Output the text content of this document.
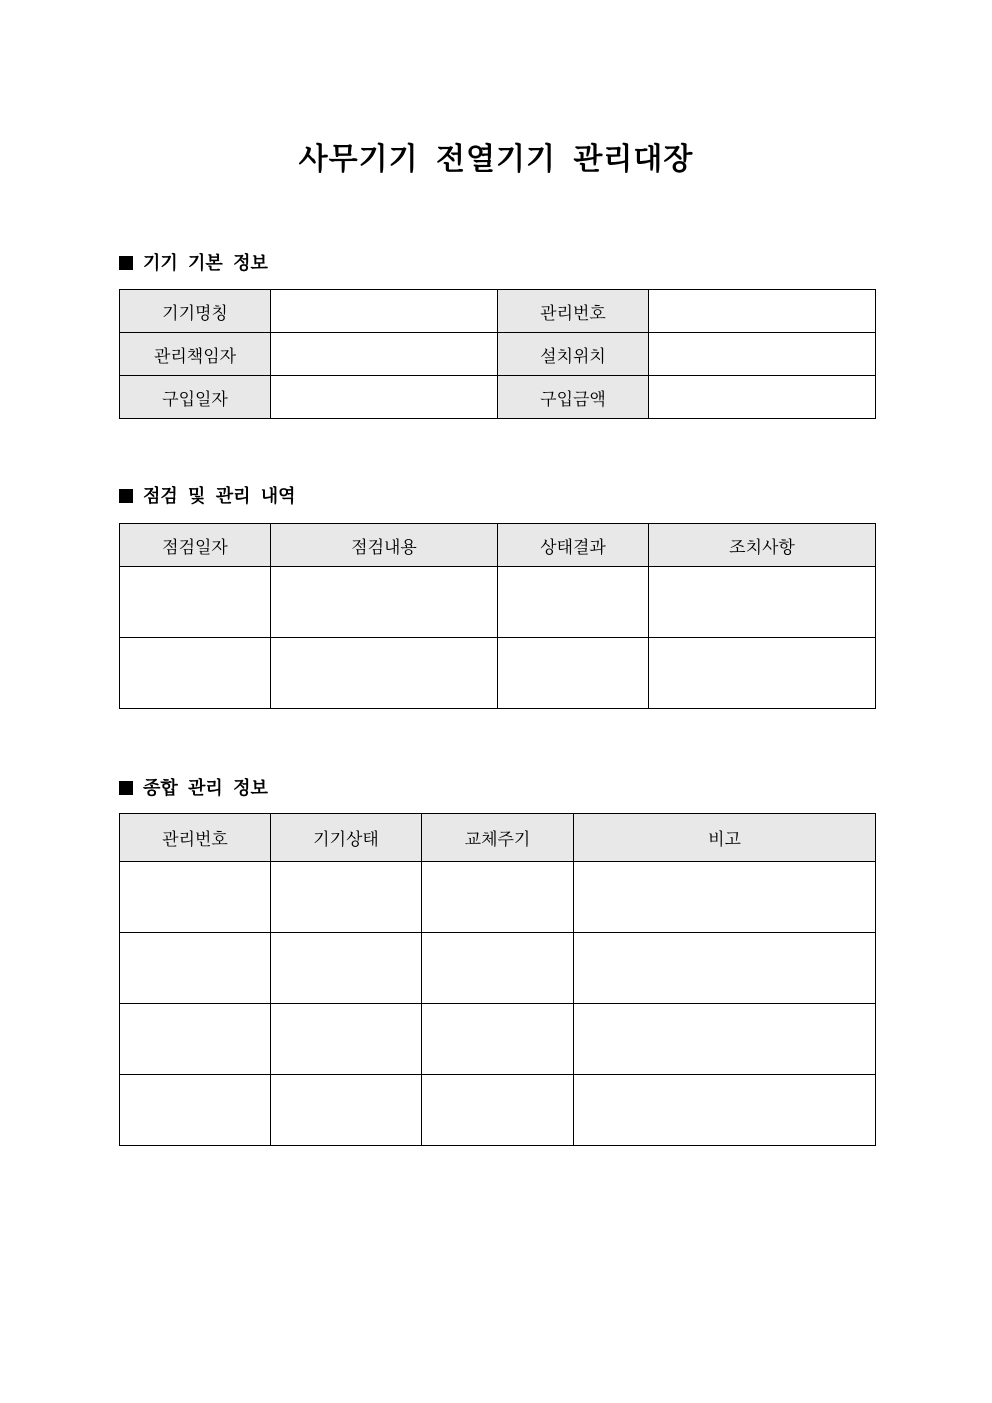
사무기기 전열기기 관리대장
기기 기본 정보
기기명칭		관리번호	
관리책임자		설치위치	
구입일자		구입금액	
점검 및 관리 내역
점검일자	점검내용	상태결과	조치사항

종합 관리 정보
관리번호	기기상태	교체주기	비고
